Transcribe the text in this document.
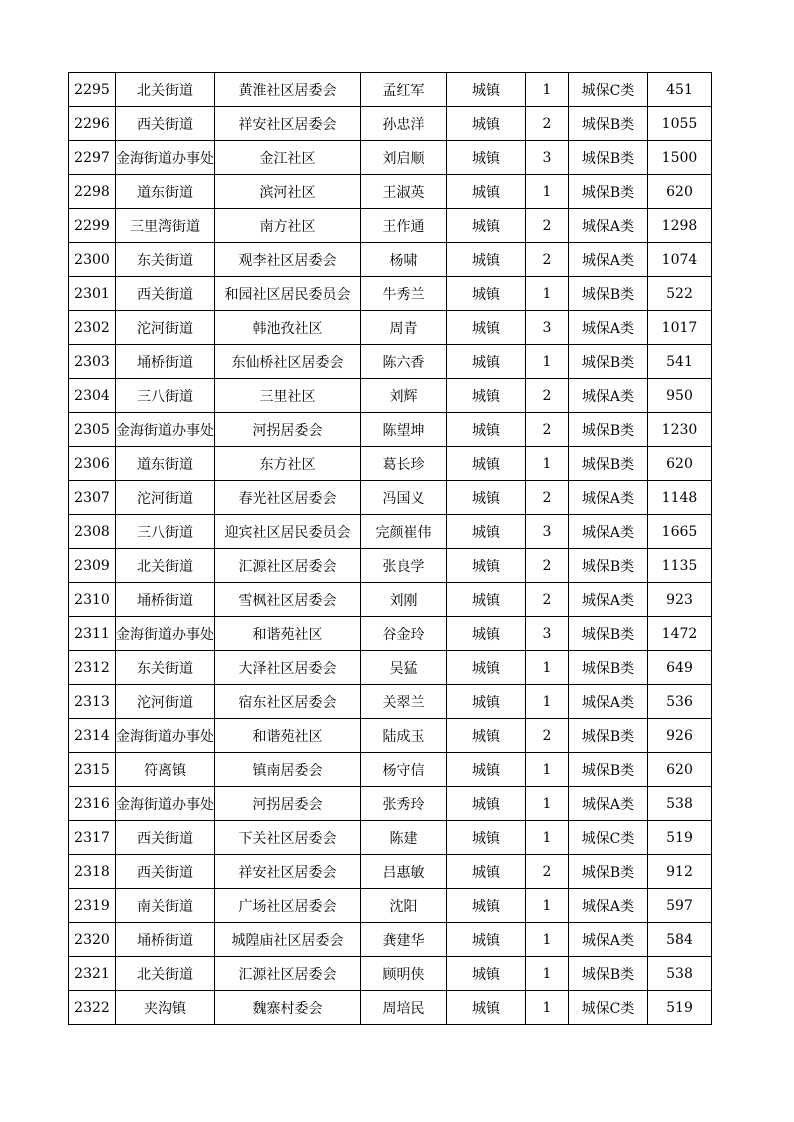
2295	北关街道	黄淮社区居委会	孟红军	城镇	1	城保C类	451
2296	西关街道	祥安社区居委会	孙忠洋	城镇	2	城保B类	1055
2297	金海街道办事处	金江社区	刘启顺	城镇	3	城保B类	1500
2298	道东街道	滨河社区	王淑英	城镇	1	城保B类	620
2299	三里湾街道	南方社区	王作通	城镇	2	城保A类	1298
2300	东关街道	观李社区居委会	杨啸	城镇	2	城保A类	1074
2301	西关街道	和园社区居民委员会	牛秀兰	城镇	1	城保B类	522
2302	沱河街道	韩池孜社区	周青	城镇	3	城保A类	1017
2303	埇桥街道	东仙桥社区居委会	陈六香	城镇	1	城保B类	541
2304	三八街道	三里社区	刘辉	城镇	2	城保A类	950
2305	金海街道办事处	河拐居委会	陈望坤	城镇	2	城保B类	1230
2306	道东街道	东方社区	葛长珍	城镇	1	城保B类	620
2307	沱河街道	春光社区居委会	冯国义	城镇	2	城保A类	1148
2308	三八街道	迎宾社区居民委员会	完颜崔伟	城镇	3	城保A类	1665
2309	北关街道	汇源社区居委会	张良学	城镇	2	城保B类	1135
2310	埇桥街道	雪枫社区居委会	刘刚	城镇	2	城保A类	923
2311	金海街道办事处	和谐苑社区	谷金玲	城镇	3	城保B类	1472
2312	东关街道	大泽社区居委会	吴猛	城镇	1	城保B类	649
2313	沱河街道	宿东社区居委会	关翠兰	城镇	1	城保A类	536
2314	金海街道办事处	和谐苑社区	陆成玉	城镇	2	城保B类	926
2315	符离镇	镇南居委会	杨守信	城镇	1	城保B类	620
2316	金海街道办事处	河拐居委会	张秀玲	城镇	1	城保A类	538
2317	西关街道	下关社区居委会	陈建	城镇	1	城保C类	519
2318	西关街道	祥安社区居委会	吕惠敏	城镇	2	城保B类	912
2319	南关街道	广场社区居委会	沈阳	城镇	1	城保A类	597
2320	埇桥街道	城隍庙社区居委会	龚建华	城镇	1	城保A类	584
2321	北关街道	汇源社区居委会	顾明侠	城镇	1	城保B类	538
2322	夹沟镇	魏寨村委会	周培民	城镇	1	城保C类	519
